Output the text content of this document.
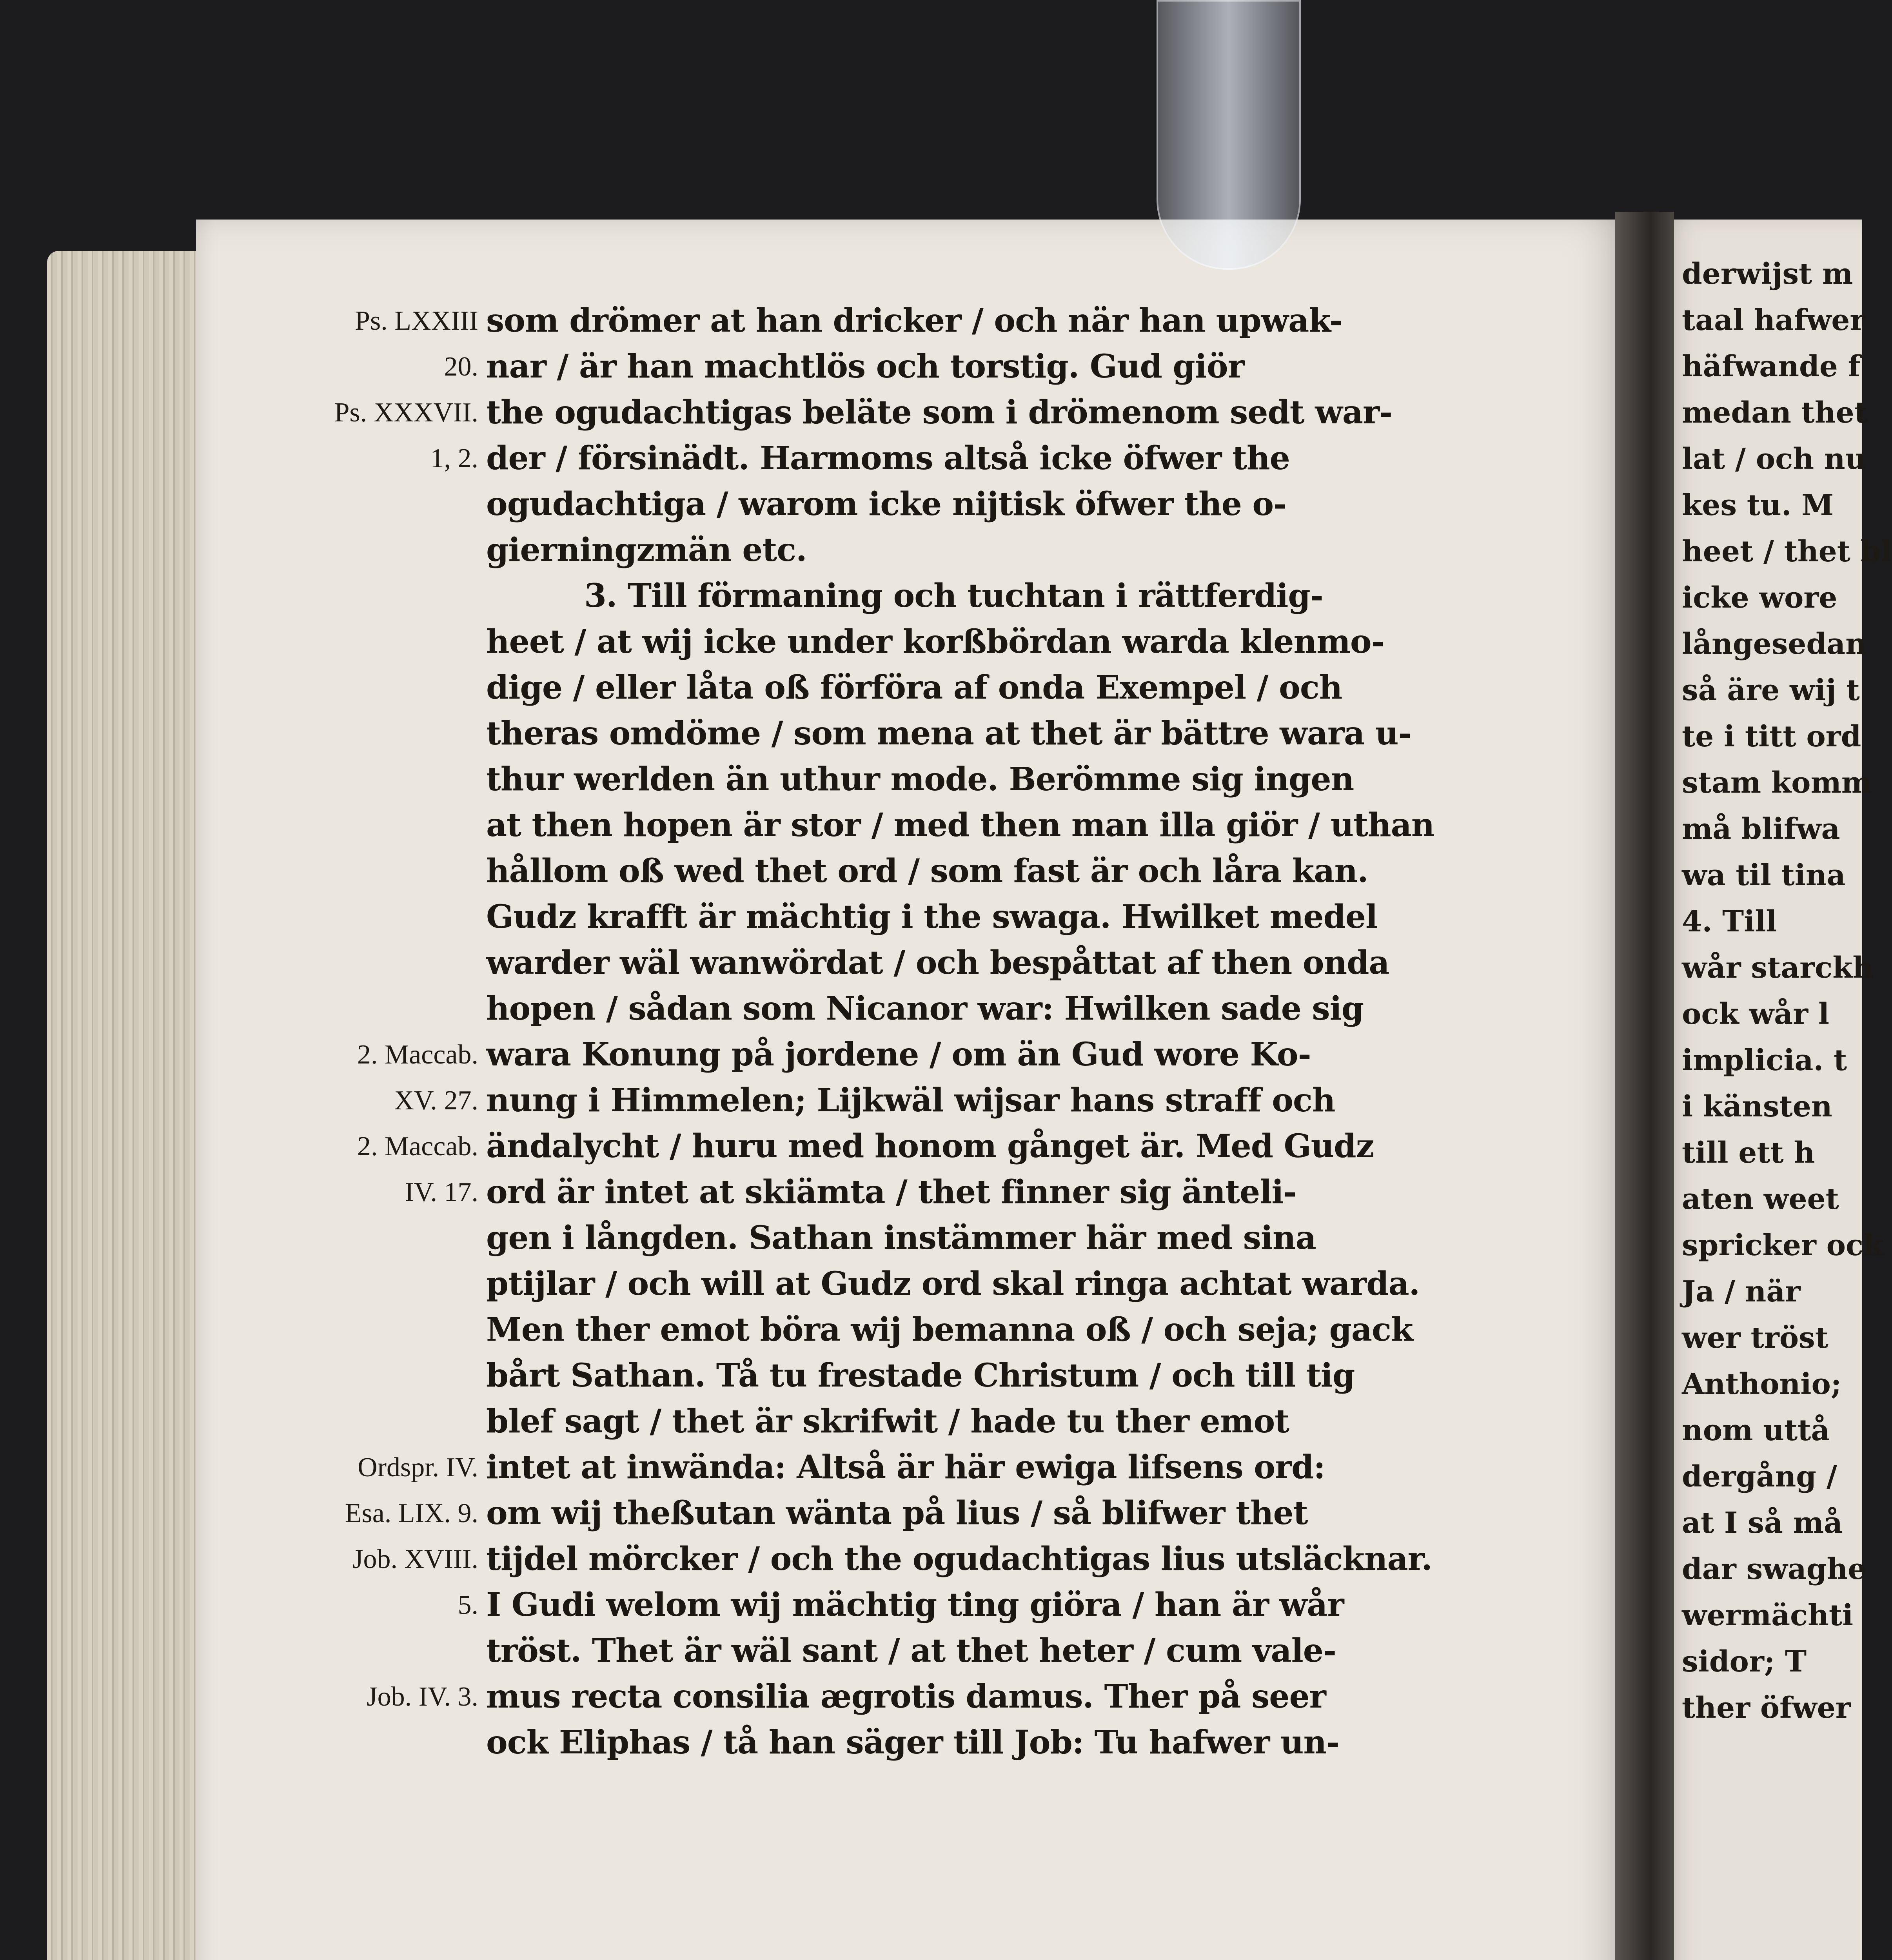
Ps. LXXIII
20.
Ps. XXXVII.
1, 2.
2. Maccab.
XV. 27.
2. Maccab.
IV. 17.
Ordspr. IV.
Esa. LIX. 9.
Job. XVIII.
5.
Job. IV. 3.
som drömer at han dricker / och när han upwak-
nar / är han machtlös och torstig. Gud giör
the ogudachtigas beläte som i drömenom sedt war-
der / försinädt. Harmoms altså icke öfwer the
ogudachtiga / warom icke nijtisk öfwer the o-
gierningzmän etc.
3. Till förmaning och tuchtan i rättferdig-
heet / at wij icke under korßbördan warda klenmo-
dige / eller låta oß förföra af onda Exempel / och
theras omdöme / som mena at thet är bättre wara u-
thur werlden än uthur mode. Berömme sig ingen
at then hopen är stor / med then man illa giör / uthan
hållom oß wed thet ord / som fast är och låra kan.
Gudz krafft är mächtig i the swaga. Hwilket medel
warder wäl wanwördat / och bespåttat af then onda
hopen / sådan som Nicanor war: Hwilken sade sig
wara Konung på jordene / om än Gud wore Ko-
nung i Himmelen; Lijkwäl wijsar hans straff och
ändalycht / huru med honom gånget är. Med Gudz
ord är intet at skiämta / thet finner sig änteli-
gen i långden. Sathan instämmer här med sina
ptijlar / och will at Gudz ord skal ringa achtat warda.
Men ther emot böra wij bemanna oß / och seja; gack
bårt Sathan. Tå tu frestade Christum / och till tig
blef sagt / thet är skrifwit / hade tu ther emot
intet at inwända: Altså är här ewiga lifsens ord:
om wij theßutan wänta på lius / så blifwer thet
tijdel mörcker / och the ogudachtigas lius utsläcknar.
I Gudi welom wij mächtig ting giöra / han är wår
tröst. Thet är wäl sant / at thet heter / cum vale-
mus recta consilia ægrotis damus. Ther på seer
ock Eliphas / tå han säger till Job: Tu hafwer un-
derwijst m
taal hafwer
häfwande f
medan thet
lat / och nu
kes tu. M
heet / thet bl
icke wore
långesedan
så äre wij t
te i titt ord
stam komm
må blifwa
wa til tina
4. Till
wår starckh
ock wår l
implicia. t
i känsten
till ett h
aten weet
spricker ock
Ja / när
wer tröst
Anthonio;
nom uttå
dergång /
at I så må
dar swaghe
wermächti
sidor; T
ther öfwer
